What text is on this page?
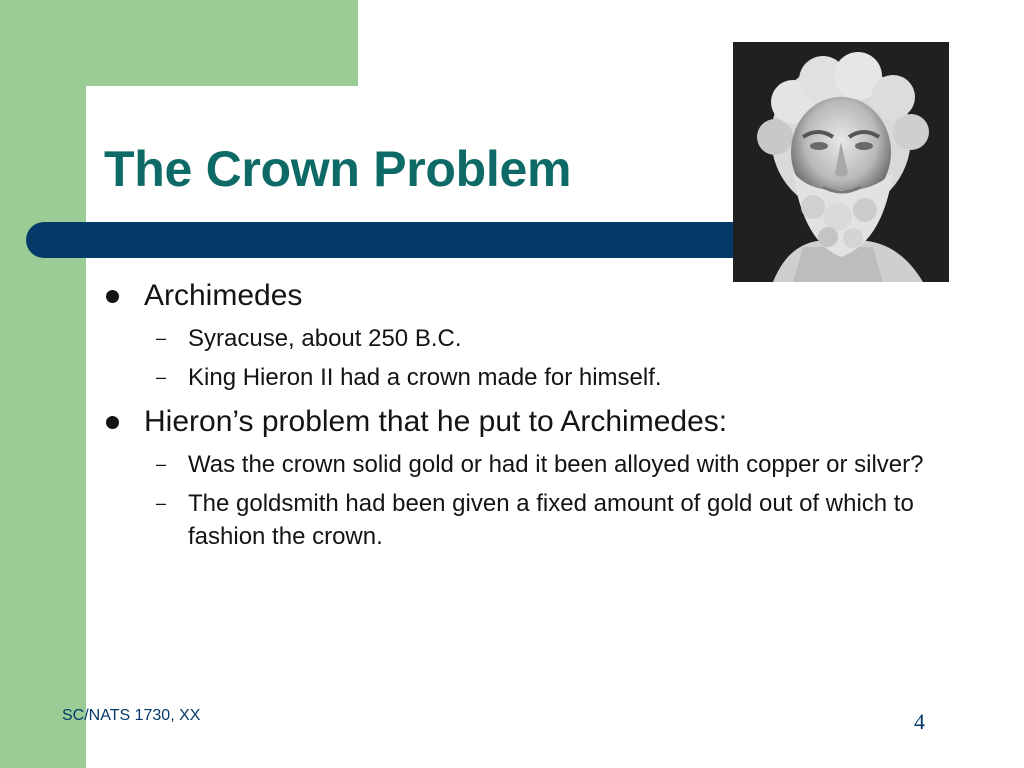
The Crown Problem
Archimedes
– Syracuse, about 250 B.C.
– King Hieron II had a crown made for himself.
Hieron’s problem that he put to Archimedes:
– Was the crown solid gold or had it been alloyed with copper or silver?
– The goldsmith had been given a fixed amount of gold out of which to fashion the crown.
SC/NATS 1730, XX	4
